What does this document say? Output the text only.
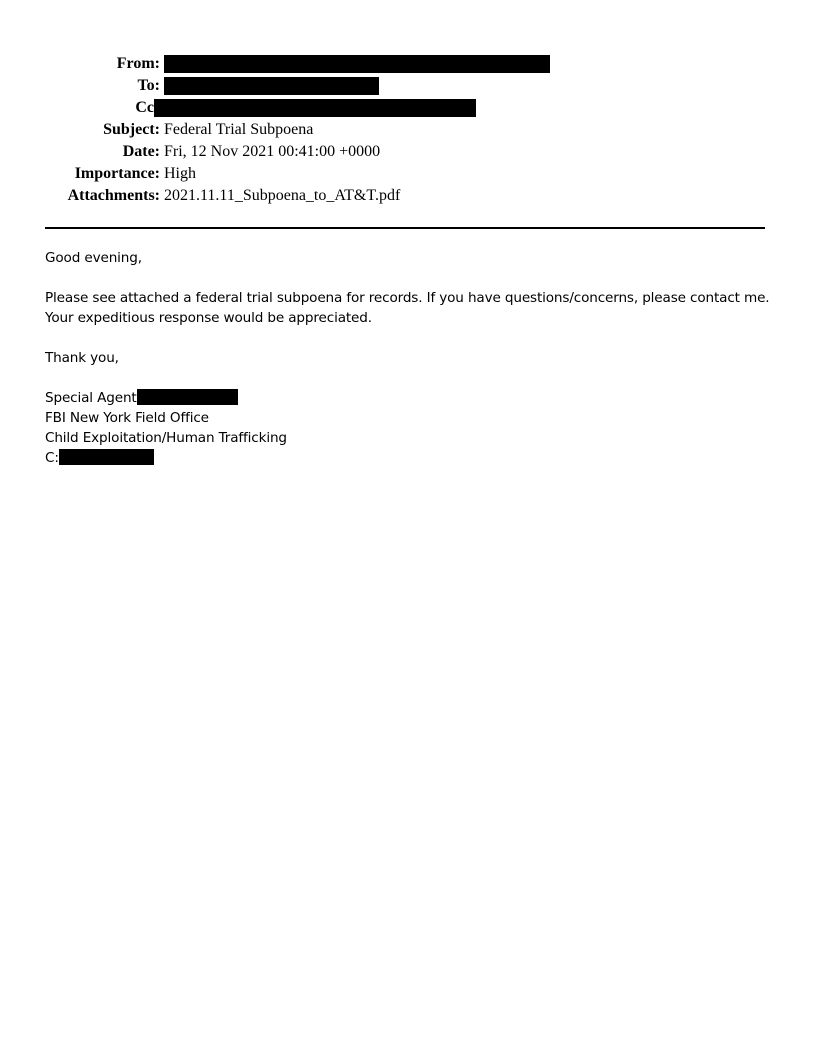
From:
To:
Cc
Subject: Federal Trial Subpoena
Date: Fri, 12 Nov 2021 00:41:00 +0000
Importance: High
Attachments: 2021.11.11_Subpoena_to_AT&T.pdf
Good evening,
Please see attached a federal trial subpoena for records. If you have questions/concerns, please contact me.
Your expeditious response would be appreciated.
Thank you,
Special Agent
FBI New York Field Office
Child Exploitation/Human Trafficking
C:
